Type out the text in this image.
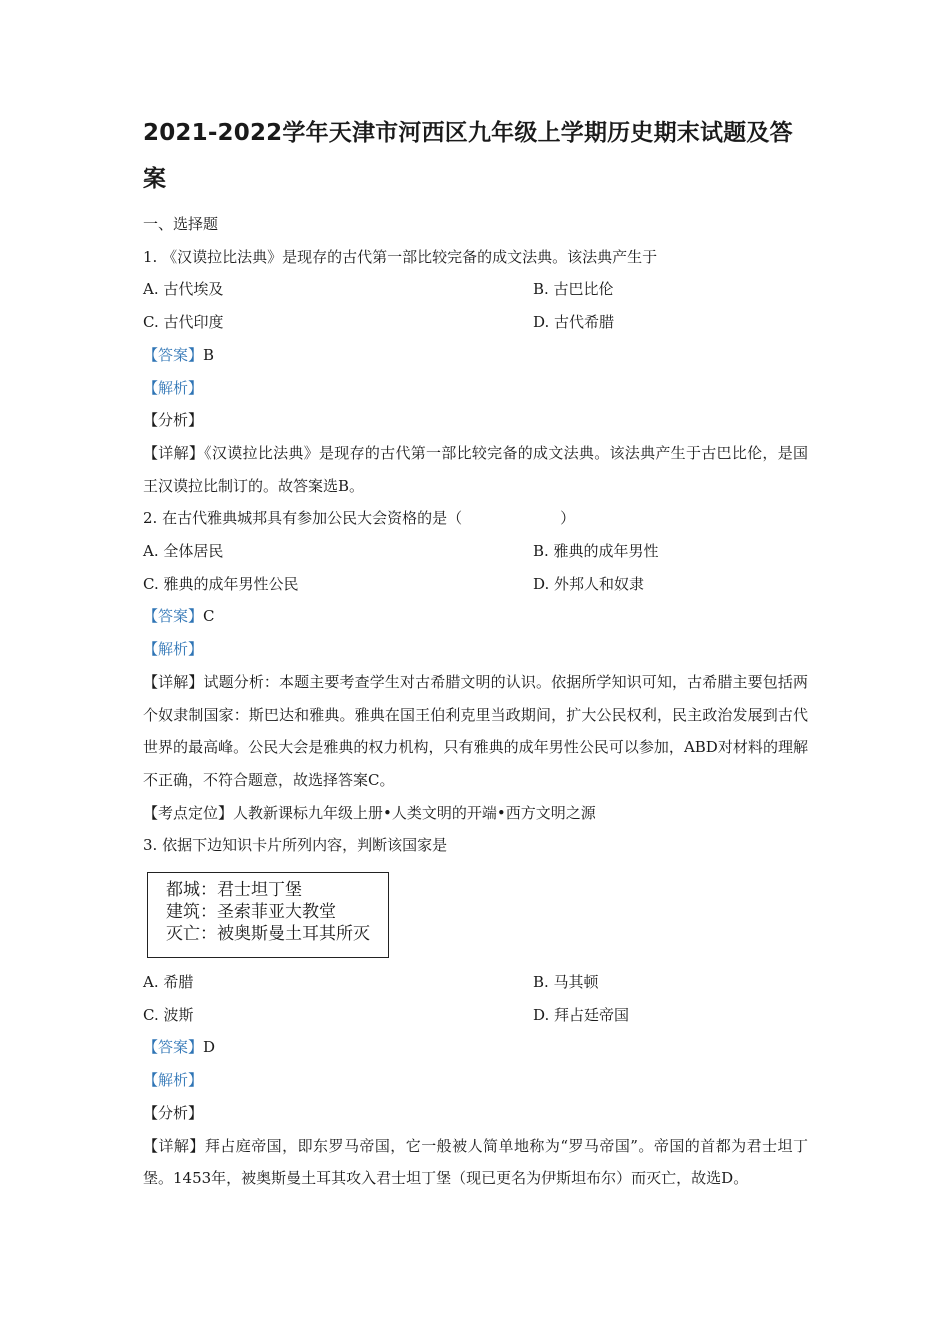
2021-2022学年天津市河西区九年级上学期历史期末试题及答案
一、选择题
1. 《汉谟拉比法典》是现存的古代第一部比较完备的成文法典。该法典产生于
A. 古代埃及	B. 古巴比伦
C. 古代印度	D. 古代希腊
【答案】B
【解析】
【分析】
【详解】《汉谟拉比法典》是现存的古代第一部比较完备的成文法典。该法典产生于古巴比伦，是国王汉谟拉比制订的。故答案选B。
2. 在古代雅典城邦具有参加公民大会资格的是（	）
A. 全体居民	B. 雅典的成年男性
C. 雅典的成年男性公民	D. 外邦人和奴隶
【答案】C
【解析】
【详解】试题分析：本题主要考查学生对古希腊文明的认识。依据所学知识可知，古希腊主要包括两个奴隶制国家：斯巴达和雅典。雅典在国王伯利克里当政期间，扩大公民权利，民主政治发展到古代世界的最高峰。公民大会是雅典的权力机构，只有雅典的成年男性公民可以参加，ABD对材料的理解不正确，不符合题意，故选择答案C。
【考点定位】人教新课标九年级上册•人类文明的开端•西方文明之源
3. 依据下边知识卡片所列内容，判断该国家是
都城：君士坦丁堡
建筑：圣索菲亚大教堂
灭亡：被奥斯曼土耳其所灭
A. 希腊	B. 马其顿
C. 波斯	D. 拜占廷帝国
【答案】D
【解析】
【分析】
【详解】拜占庭帝国，即东罗马帝国，它一般被人简单地称为“罗马帝国”。帝国的首都为君士坦丁堡。1453年，被奥斯曼土耳其攻入君士坦丁堡（现已更名为伊斯坦布尔）而灭亡，故选D。
